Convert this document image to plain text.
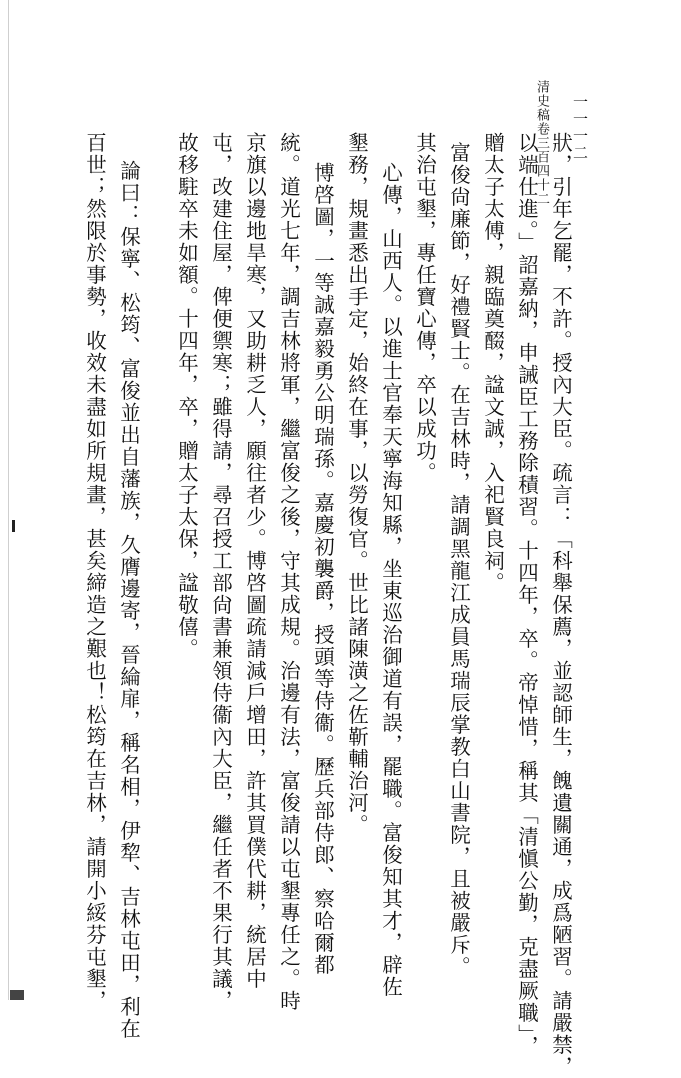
清史稿卷三百四十二 一一一二
狀，引年乞罷，不許。授內大臣。疏言：「科舉保薦，並認師生，餽遺關通，成爲陋習。請嚴禁，
以端仕進。」詔嘉納，申誡臣工務除積習。十四年，卒。帝悼惜，稱其「清愼公勤，克盡厥職」，
贈太子太傅，親臨奠醊，諡文誠，入祀賢良祠。
富俊尙廉節，好禮賢士。在吉林時，請調黑龍江成員馬瑞辰掌教白山書院，且被嚴斥。
其治屯墾，專任寶心傳，卒以成功。
心傳，山西人。以進士官奉天寧海知縣，坐東巡治御道有誤，罷職。富俊知其才，辟佐
墾務，規畫悉出手定，始終在事，以勞復官。世比諸陳潢之佐靳輔治河。
博啓圖，一等誠嘉毅勇公明瑞孫。嘉慶初襲爵，授頭等侍衞。歷兵部侍郎、察哈爾都
統。道光七年，調吉林將軍，繼富俊之後，守其成規。治邊有法，富俊請以屯墾專任之。時
京旗以邊地旱寒，又助耕乏人，願往者少。博啓圖疏請減戶增田，許其買僕代耕，統居中
屯，改建住屋，俾便禦寒；雖得請，尋召授工部尙書兼領侍衞內大臣，繼任者不果行其議，
故移駐卒未如額。十四年，卒，贈太子太保，諡敬僖。
論曰：保寧、松筠、富俊並出自藩族，久膺邊寄，晉綸扉，稱名相，伊犂、吉林屯田，利在
百世；然限於事勢，收效未盡如所規畫，甚矣締造之艱也！松筠在吉林，請開小綏芬屯墾，
